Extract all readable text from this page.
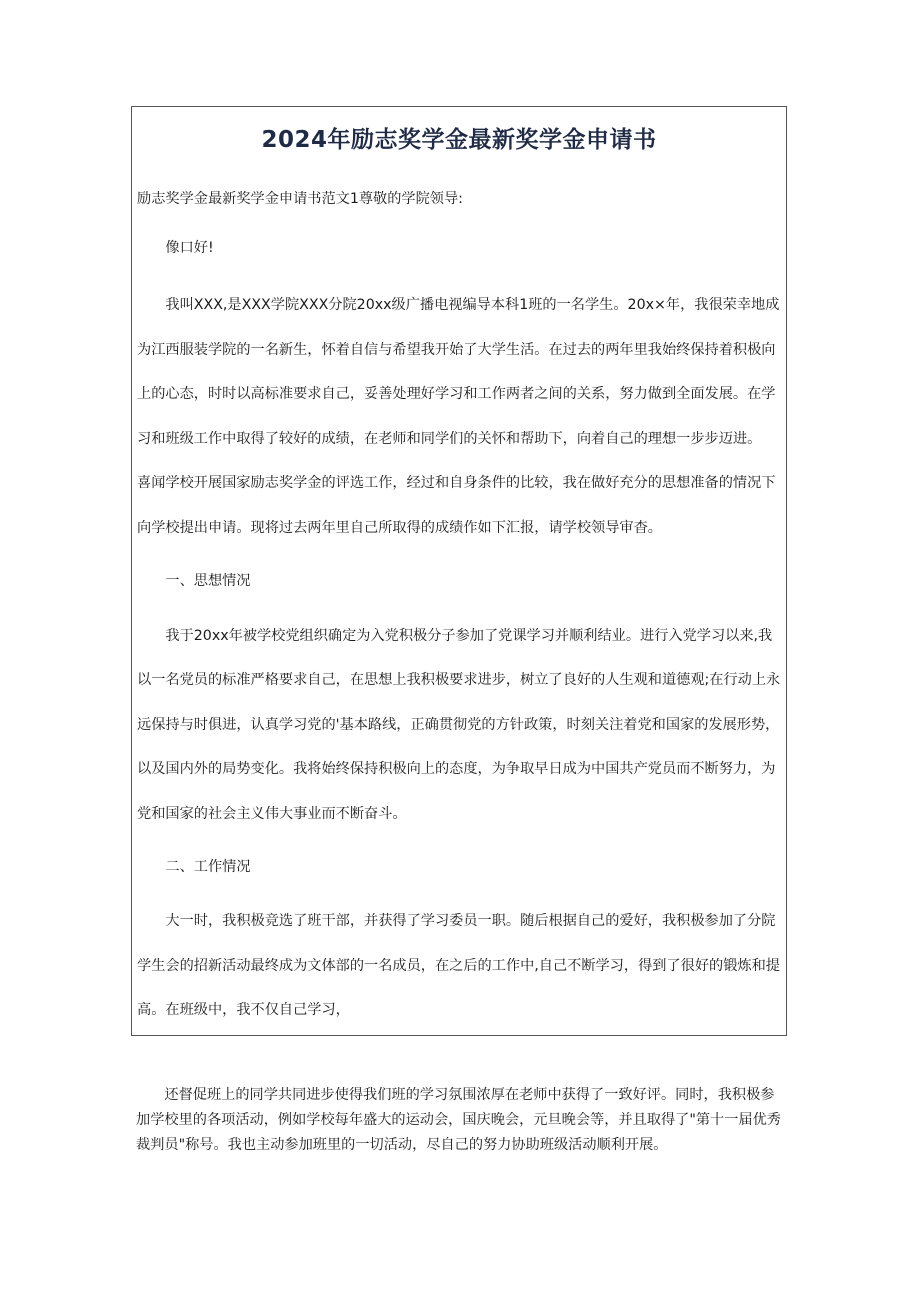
2024年励志奖学金最新奖学金申请书

励志奖学金最新奖学金申请书范文1尊敬的学院领导:

像口好!

我叫XXX,是XXX学院XXX分院20xx级广播电视编导本科1班的一名学生。20x×年，我很荣幸地成为江西服装学院的一名新生，怀着自信与希望我开始了大学生活。在过去的两年里我始终保持着积极向上的心态，时时以高标准要求自己，妥善处理好学习和工作两者之间的关系，努力做到全面发展。在学习和班级工作中取得了较好的成绩，在老师和同学们的关怀和帮助下，向着自己的理想一步步迈进。

喜闻学校开展国家励志奖学金的评选工作，经过和自身条件的比较，我在做好充分的思想准备的情况下向学校提出申请。现将过去两年里自己所取得的成绩作如下汇报，请学校领导审杳。

一、思想情况

我于20xx年被学校党组织确定为入党积极分子参加了党课学习并顺利结业。进行入党学习以来,我以一名党员的标准严格要求自己，在思想上我积极要求进步，树立了良好的人生观和道德观;在行动上永远保持与时俱进，认真学习党的'基本路线，正确贯彻党的方针政策，时刻关注着党和国家的发展形势，以及国内外的局势变化。我将始终保持积极向上的态度，为争取早日成为中国共产党员而不断努力，为党和国家的社会主义伟大事业而不断奋斗。

二、工作情况

大一时，我积极竞选了班干部，并获得了学习委员一职。随后根据自己的爱好，我积极参加了分院学生会的招新活动最终成为文体部的一名成员，在之后的工作中,自己不断学习，得到了很好的锻炼和提高。在班级中，我不仅自己学习，

还督促班上的同学共同进步使得我们班的学习氛围浓厚在老师中获得了一致好评。同时，我积极参加学校里的各项活动，例如学校每年盛大的运动会，国庆晚会，元旦晚会等，并且取得了"第十一届优秀裁判员"称号。我也主动参加班里的一切活动，尽自己的努力协助班级活动顺利开展。
